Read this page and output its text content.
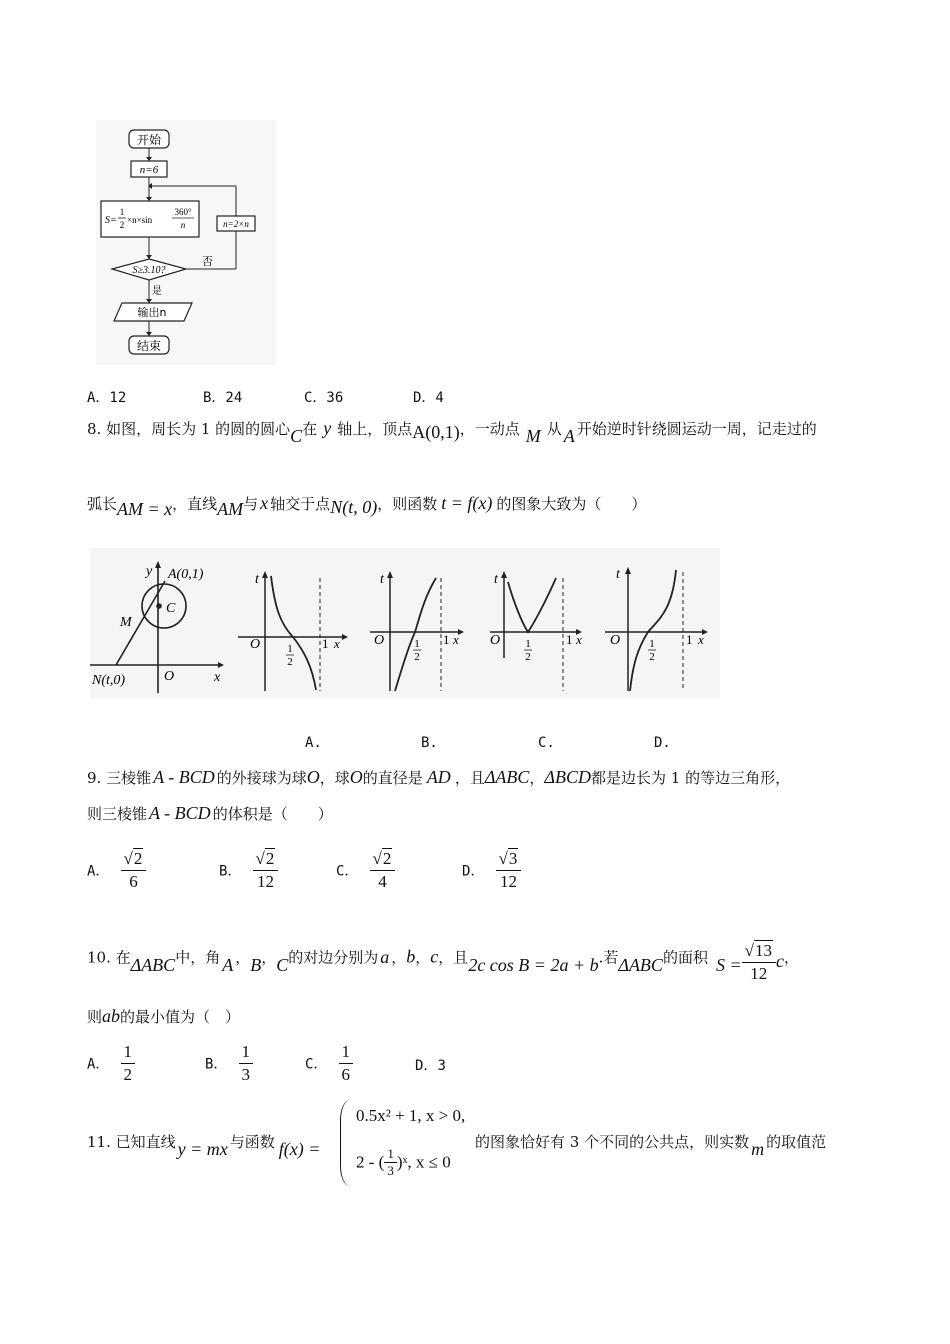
开始
n=6
S=
1
2 ×n×sin
360°
n	n=2×n
S≥3.10?
否
是
输出n
结束
A．12	B．24	C．36	D．4
8. 如图，周长为 1 的圆的圆心C在 y 轴上，顶点A(0,1)，一动点 M 从 A 开始逆时针绕圆运动一周，记走过的
弧长AM = x，直线AM与 x 轴交于点N(t, 0)，则函数 t = f(x) 的图象大致为（　　）
y A(0,1)
C
M
N(t,0)	O	x
t
O 1
2
1 x
t
O	1
2
1 x
t
O 1
2
1 x
t
O	1
2
1 x
A.	B.	C.	D.
9. 三棱锥 A - BCD 的外接球为球O，球O的直径是 AD ，且ΔABC，ΔBCD都是边长为 1 的等边三角形，
则三棱锥 A - BCD 的体积是（　　）
A． $\frac{√2}{6}$	B． $\frac{√2}{12}$	C． $\frac{√2}{4}$	D． $\frac{√3}{12}$
10. 在ΔABC中，角 A ，B，C的对边分别为 a ，b，c，且2c cos B = 2a + b.若ΔABC的面积 $S = \frac{√13}{12}$ c，
则ab的最小值为（　）
A． $\frac{1}{2}$	B． $\frac{1}{3}$	C． $\frac{1}{6}$	D．3
11. 已知直线 y = mx 与函数 f(x) =
0.5x² + 1, x > 0,
2 - ( $\frac{1}{3}$ )ˣ, x ≤ 0
的图象恰好有 3 个不同的公共点，则实数 m 的取值范
